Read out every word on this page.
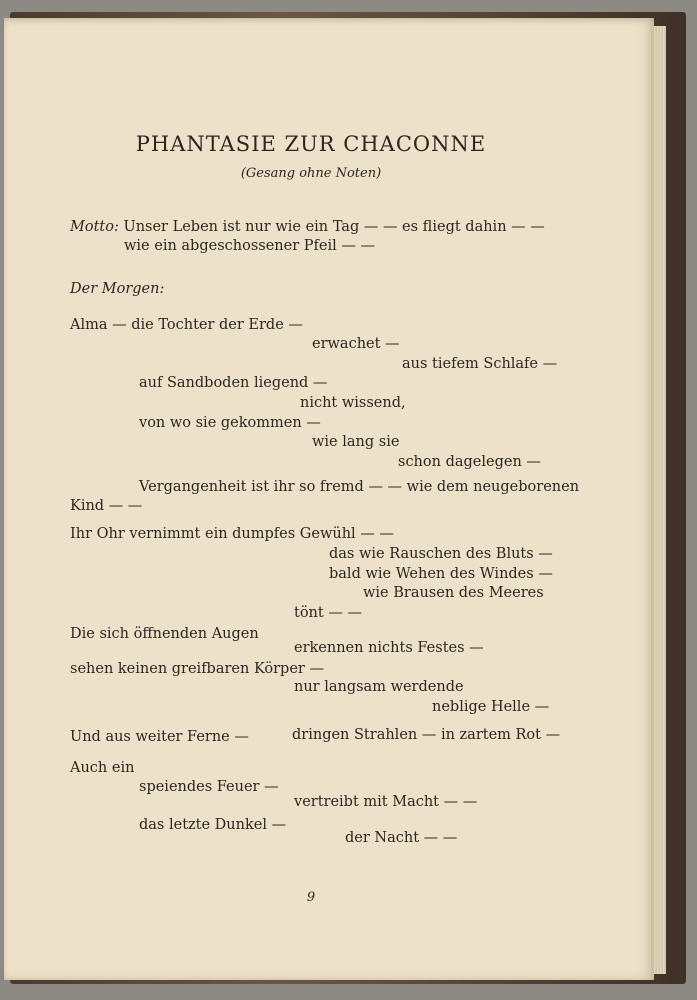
PHANTASIE ZUR CHACONNE
(Gesang ohne Noten)
Motto: Unser Leben ist nur wie ein Tag — — es fliegt dahin — —
wie ein abgeschossener Pfeil — —
Der Morgen:
Alma — die Tochter der Erde —
erwachet —
aus tiefem Schlafe —
auf Sandboden liegend —
nicht wissend,
von wo sie gekommen —
wie lang sie
schon dagelegen —
Vergangenheit ist ihr so fremd — — wie dem neugeborenen
Kind — —
Ihr Ohr vernimmt ein dumpfes Gewühl — —
das wie Rauschen des Bluts —
bald wie Wehen des Windes —
wie Brausen des Meeres
tönt — —
Die sich öffnenden Augen
erkennen nichts Festes —
sehen keinen greifbaren Körper —
nur langsam werdende
neblige Helle —
Und aus weiter Ferne —	dringen Strahlen — in zartem Rot —
Auch ein
speiendes Feuer —
vertreibt mit Macht — —
das letzte Dunkel —
der Nacht — —
9
